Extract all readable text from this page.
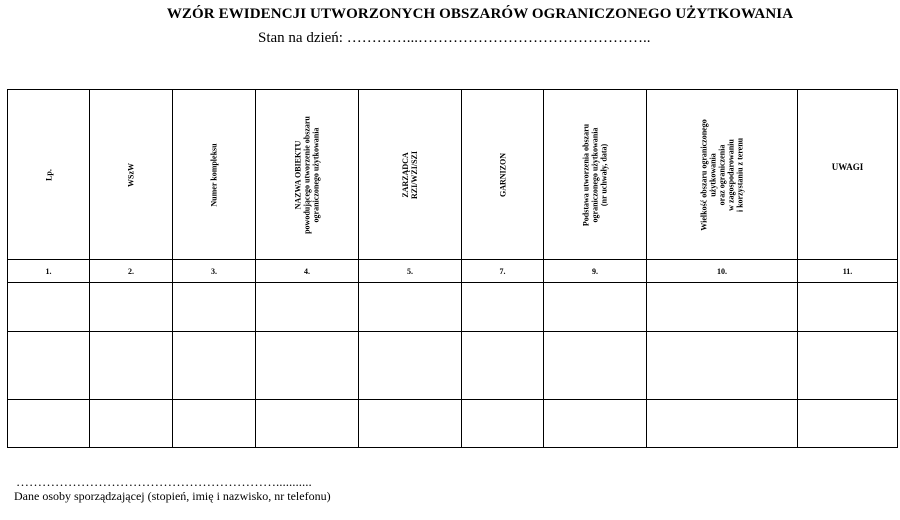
WZÓR EWIDENCJI UTWORZONYCH OBSZARÓW OGRANICZONEGO UŻYTKOWANIA
Stan na dzień: …………...………………………………………..
Lp.	WSzW	Numer kompleksu	NAZWA OBIEKTU
powodującego utworzenie obszaru
ograniczonego użytkowania	ZARZĄDCA
RZI/WZI/SZI	GARNIZON	Podstawa utworzenia obszaru
ograniczonego użytkowania
(nr uchwały, data)	Wielkość obszaru ograniczonego
użytkowania
oraz ograniczenia
w zagospodarowaniu
i korzystaniu z terenu	UWAGI
1.	2.	3.	4.	5.	7.	9.	10.	11.

……………………………………………………...........
Dane osoby sporządzającej (stopień, imię i nazwisko, nr telefonu)
